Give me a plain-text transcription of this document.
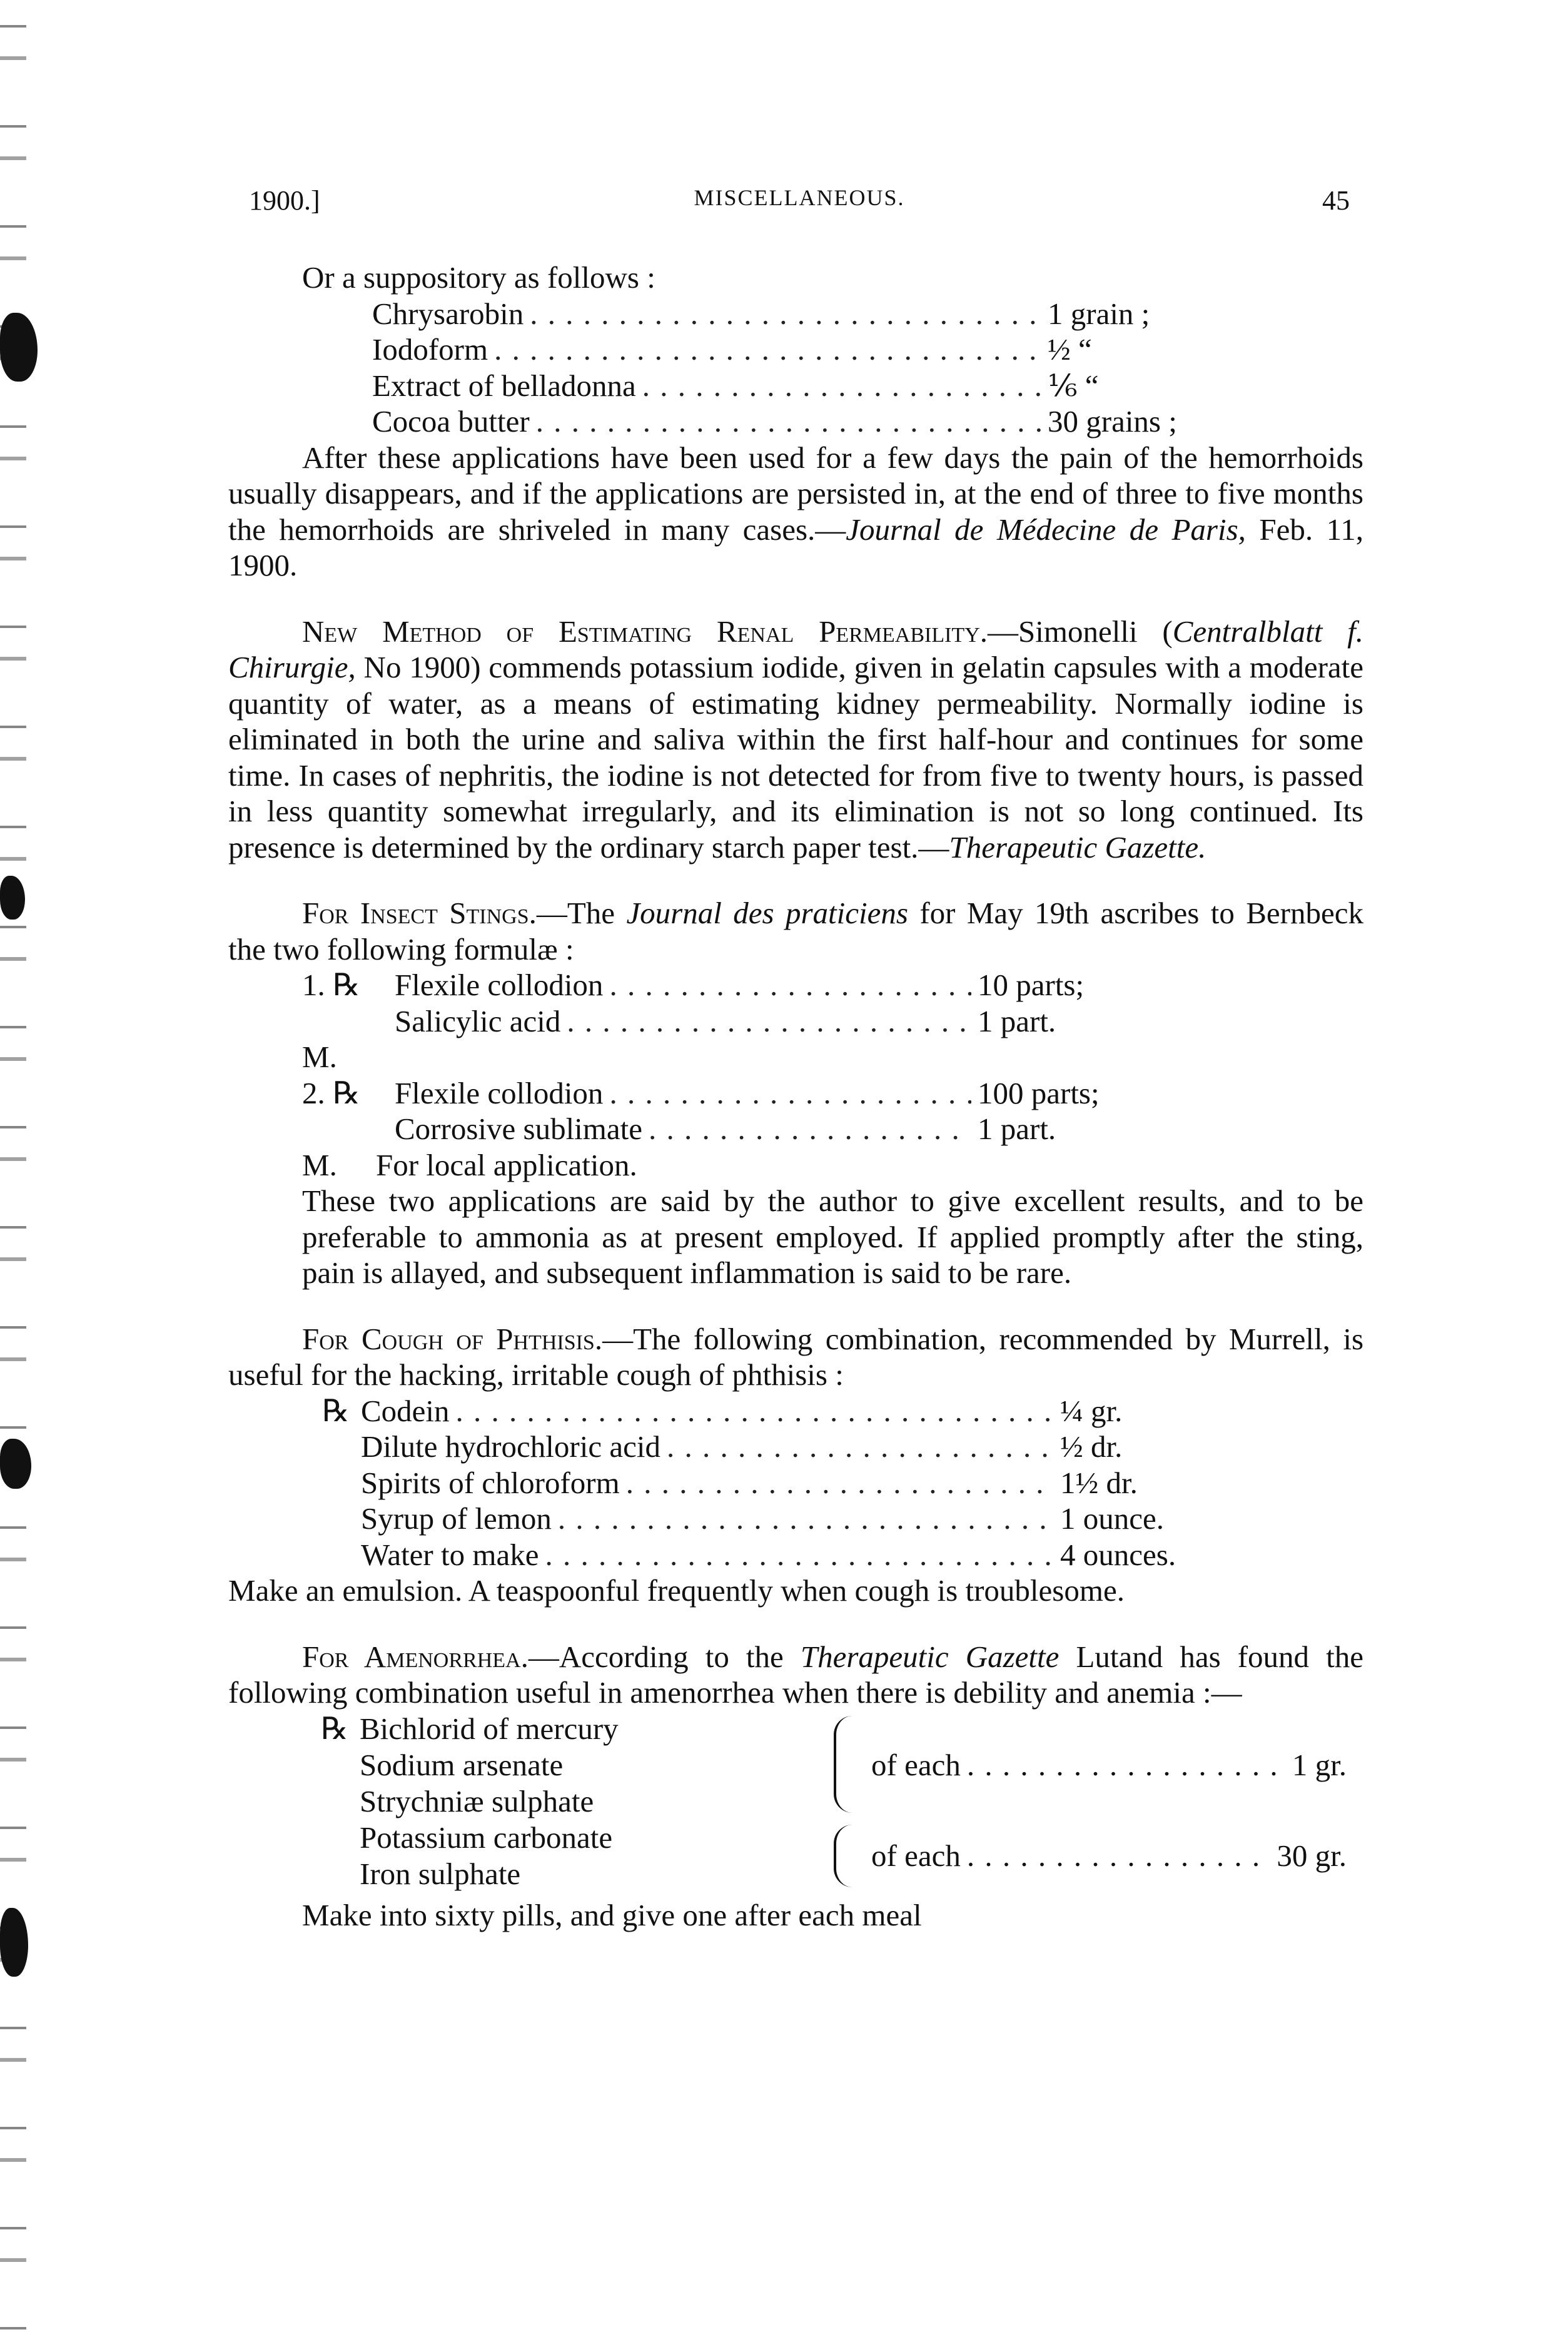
1900.]	MISCELLANEOUS.	45
Or a suppository as follows :
Chrysarobin . . .	1 grain ;
Iodoform . . .	½ “
Extract of belladonna . . .	⅙ “
Cocoa butter . . .	30 grains ;
After these applications have been used for a few days the pain of the hemorrhoids usually disappears, and if the applications are persisted in, at the end of three to five months the hemorrhoids are shriveled in many cases.—Journal de Médecine de Paris, Feb. 11, 1900.
New Method of Estimating Renal Permeability.—Simonelli (Centralblatt f. Chirurgie, No 1900) commends potassium iodide, given in gelatin capsules with a moderate quantity of water, as a means of estimating kidney permeability. Normally iodine is eliminated in both the urine and saliva within the first half-hour and continues for some time. In cases of nephritis, the iodine is not detected for from five to twenty hours, is passed in less quantity somewhat irregularly, and its elimination is not so long continued. Its presence is determined by the ordinary starch paper test.—Therapeutic Gazette.
For Insect Stings.—The Journal des praticiens for May 19th ascribes to Bernbeck the two following formulæ :
1. ℞	Flexile collodion . . .	10 parts;
Salicylic acid . . .	1 part.
M.
2. ℞	Flexile collodion . . .	100 parts;
Corrosive sublimate . . .	1 part.
M. For local application.
These two applications are said by the author to give excellent results, and to be preferable to ammonia as at present employed. If applied promptly after the sting, pain is allayed, and subsequent inflammation is said to be rare.
For Cough of Phthisis.—The following combination, recommended by Murrell, is useful for the hacking, irritable cough of phthisis :
℞ Codein . . .	¼ gr.
Dilute hydrochloric acid . . .	½ dr.
Spirits of chloroform . . .	1½ dr.
Syrup of lemon . . .	1 ounce.
Water to make . . .	4 ounces.
Make an emulsion. A teaspoonful frequently when cough is troublesome.
For Amenorrhea.—According to the Therapeutic Gazette Lutand has found the following combination useful in amenorrhea when there is debility and anemia :—
℞ Bichlorid of mercury
Sodium arsenate
Strychniæ sulphate
of each . . .	1 gr.
Potassium carbonate
Iron sulphate
of each . . .	30 gr.
Make into sixty pills, and give one after each meal
